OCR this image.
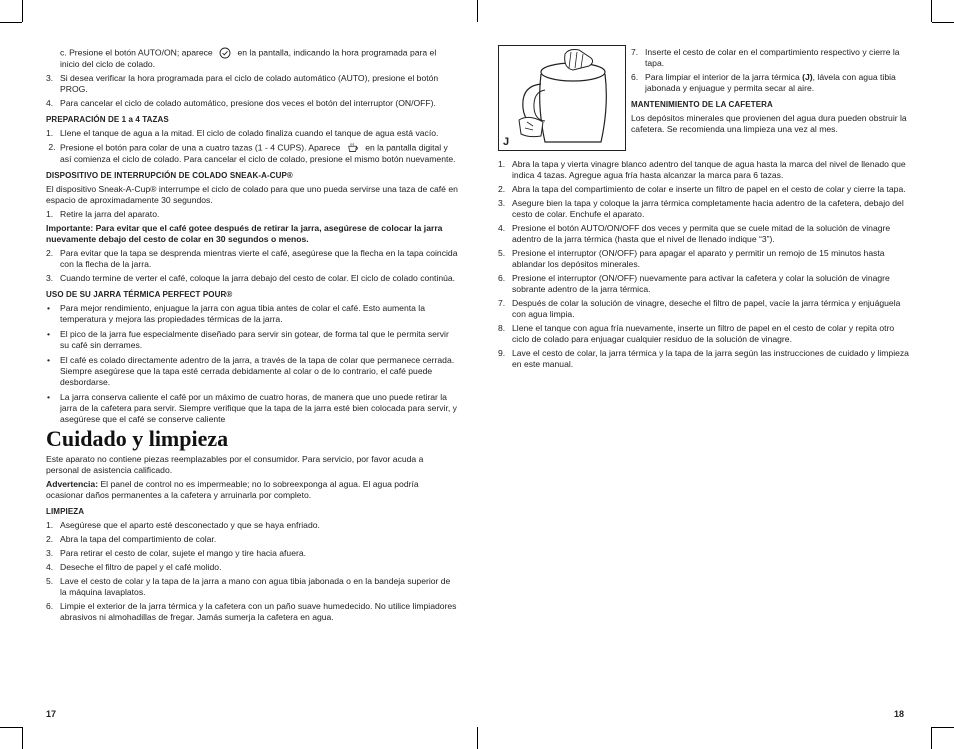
c. Presione el botón AUTO/ON; aparece	en la pantalla, indicando la hora programada para el inicio del ciclo de colado.

3. Si desea verificar la hora programada para el ciclo de colado automático (AUTO), presione el botón PROG.
4. Para cancelar el ciclo de colado automático, presione dos veces el botón del interruptor (ON/OFF).
PREPARACIÓN DE 1 a 4 TAZAS
1. Llene el tanque de agua a la mitad. El ciclo de colado finaliza cuando el tanque de agua está vacío.
2. Presione el botón para colar de una a cuatro tazas (1 - 4 CUPS). Aparece	en la pantalla digital y así comienza el ciclo de colado. Para cancelar el ciclo de colado, presione el mismo botón nuevamente.
DISPOSITIVO DE INTERRUPCIÓN DE COLADO SNEAK-A-CUP®

El dispositivo Sneak-A-Cup® interrumpe el ciclo de colado para que uno pueda servirse una taza de café en espacio de aproximadamente 30 segundos.

1. Retire la jarra del aparato.

Importante: Para evitar que el café gotee después de retirar la jarra, asegúrese de colocar la jarra nuevamente debajo del cesto de colar en 30 segundos o menos.

2. Para evitar que la tapa se desprenda mientras vierte el café, asegúrese que la flecha en la tapa coincida con la flecha de la jarra.
3. Cuando termine de verter el café, coloque la jarra debajo del cesto de colar. El ciclo de colado continúa.
USO DE SU JARRA TÉRMICA PERFECT POUR®
• Para mejor rendimiento, enjuague la jarra con agua tibia antes de colar el café. Esto aumenta la temperatura y mejora las propiedades térmicas de la jarra.
• El pico de la jarra fue especialmente diseñado para servir sin gotear, de forma tal que le permita servir su café sin derrames.
• El café es colado directamente adentro de la jarra, a través de la tapa de colar que permanece cerrada. Siempre asegúrese que la tapa esté cerrada debidamente al colar o de lo contrario, el café puede desbordarse.
• La jarra conserva caliente el café por un máximo de cuatro horas, de manera que uno puede retirar la jarra de la cafetera para servir. Siempre verifique que la tapa de la jarra esté bien colocada para servir, y asegúrese que el café se conserve caliente
Cuidado y limpieza

Este aparato no contiene piezas reemplazables por el consumidor. Para servicio, por favor acuda a personal de asistencia calificado.

Advertencia: El panel de control no es impermeable; no lo sobreexponga al agua. El agua podría ocasionar daños permanentes a la cafetera y arruinarla por completo.

LIMPIEZA
1. Asegúrese que el aparto esté desconectado y que se haya enfriado.
2. Abra la tapa del compartimiento de colar.
3. Para retirar el cesto de colar, sujete el mango y tire hacia afuera.
4. Deseche el filtro de papel y el café molido.
5. Lave el cesto de colar y la tapa de la jarra a mano con agua tibia jabonada o en la bandeja superior de la máquina lavaplatos.
6. Limpie el exterior de la jarra térmica y la cafetera con un paño suave humedecido. No utilice limpiadores abrasivos ni almohadillas de fregar. Jamás sumerja la cafetera en agua.
17
J
7. Inserte el cesto de colar en el compartimiento respectivo y cierre la tapa.
6. Para limpiar el interior de la jarra térmica (J), lávela con agua tibia jabonada y enjuague y permita secar al aire.
MANTENIMIENTO DE LA CAFETERA

Los depósitos minerales que provienen del agua dura pueden obstruir la cafetera. Se recomienda una limpieza una vez al mes.

1. Abra la tapa y vierta vinagre blanco adentro del tanque de agua hasta la marca del nivel de llenado que indica 4 tazas. Agregue agua fría hasta alcanzar la marca para 6 tazas.
2. Abra la tapa del compartimiento de colar e inserte un filtro de papel en el cesto de colar y cierre la tapa.
3. Asegure bien la tapa y coloque la jarra térmica completamente hacia adentro de la cafetera, debajo del cesto de colar. Enchufe el aparato.
4. Presione el botón AUTO/ON/OFF dos veces y permita que se cuele mitad de la solución de vinagre adentro de la jarra térmica (hasta que el nivel de llenado indique “3”).
5. Presione el interruptor (ON/OFF) para apagar el aparato y permitir un remojo de 15 minutos hasta ablandar los depósitos minerales.
6. Presione el interruptor (ON/OFF) nuevamente para activar la cafetera y colar la solución de vinagre sobrante adentro de la jarra térmica.
7. Después de colar la solución de vinagre, deseche el filtro de papel, vacíe la jarra térmica y enjuáguela con agua limpia.
8. Llene el tanque con agua fría nuevamente, inserte un filtro de papel en el cesto de colar y repita otro ciclo de colado para enjuagar cualquier residuo de la solución de vinagre.
9. Lave el cesto de colar, la jarra térmica y la tapa de la jarra según las instrucciones de cuidado y limpieza en este manual.
18
